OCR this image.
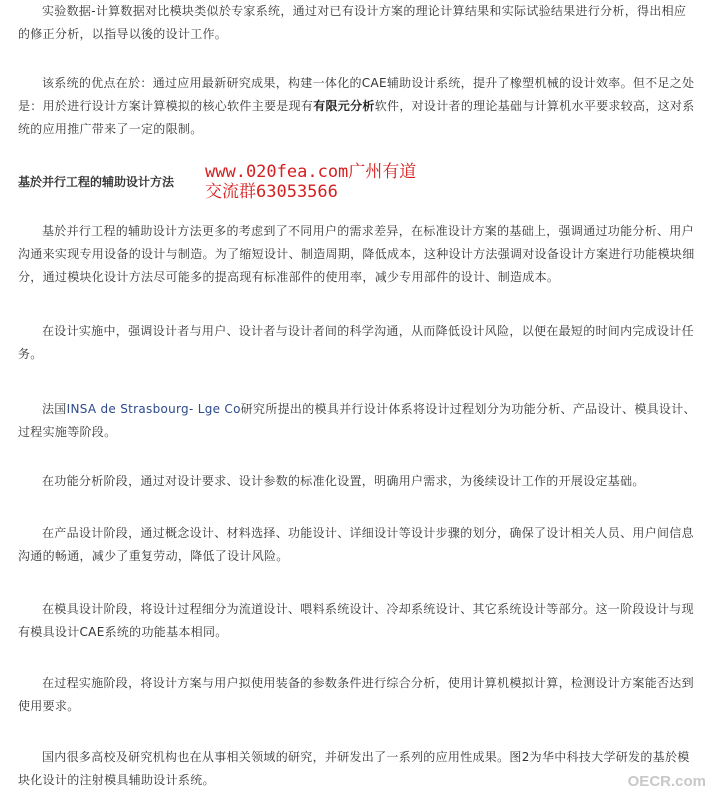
实验数据-计算数据对比模块类似於专家系统，通过对已有设计方案的理论计算结果和实际试验结果进行分析，得出相应的修正分析，以指导以後的设计工作。

该系统的优点在於：通过应用最新研究成果，构建一体化的CAE辅助设计系统，提升了橡塑机械的设计效率。但不足之处是：用於进行设计方案计算模拟的核心软件主要是现有有限元分析软件，对设计者的理论基础与计算机水平要求较高，这对系统的应用推广带来了一定的限制。

基於并行工程的辅助设计方法 www.020fea.com广州有道
交流群63053566

基於并行工程的辅助设计方法更多的考虑到了不同用户的需求差异，在标准设计方案的基础上，强调通过功能分析、用户沟通来实现专用设备的设计与制造。为了缩短设计、制造周期，降低成本，这种设计方法强调对设备设计方案进行功能模块细分，通过模块化设计方法尽可能多的提高现有标准部件的使用率，减少专用部件的设计、制造成本。

在设计实施中，强调设计者与用户、设计者与设计者间的科学沟通，从而降低设计风险，以便在最短的时间内完成设计任务。

法国INSA de Strasbourg- Lge Co研究所提出的模具并行设计体系将设计过程划分为功能分析、产品设计、模具设计、过程实施等阶段。

在功能分析阶段，通过对设计要求、设计参数的标准化设置，明确用户需求，为後续设计工作的开展设定基础。

在产品设计阶段，通过概念设计、材料选择、功能设计、详细设计等设计步骤的划分，确保了设计相关人员、用户间信息沟通的畅通，减少了重复劳动，降低了设计风险。

在模具设计阶段，将设计过程细分为流道设计、喂料系统设计、冷却系统设计、其它系统设计等部分。这一阶段设计与现有模具设计CAE系统的功能基本相同。

在过程实施阶段，将设计方案与用户拟使用装备的参数条件进行综合分析，使用计算机模拟计算，检测设计方案能否达到使用要求。

国内很多高校及研究机构也在从事相关领域的研究，并研发出了一系列的应用性成果。图2为华中科技大学研发的基於模块化设计的注射模具辅助设计系统。	OECR.com
